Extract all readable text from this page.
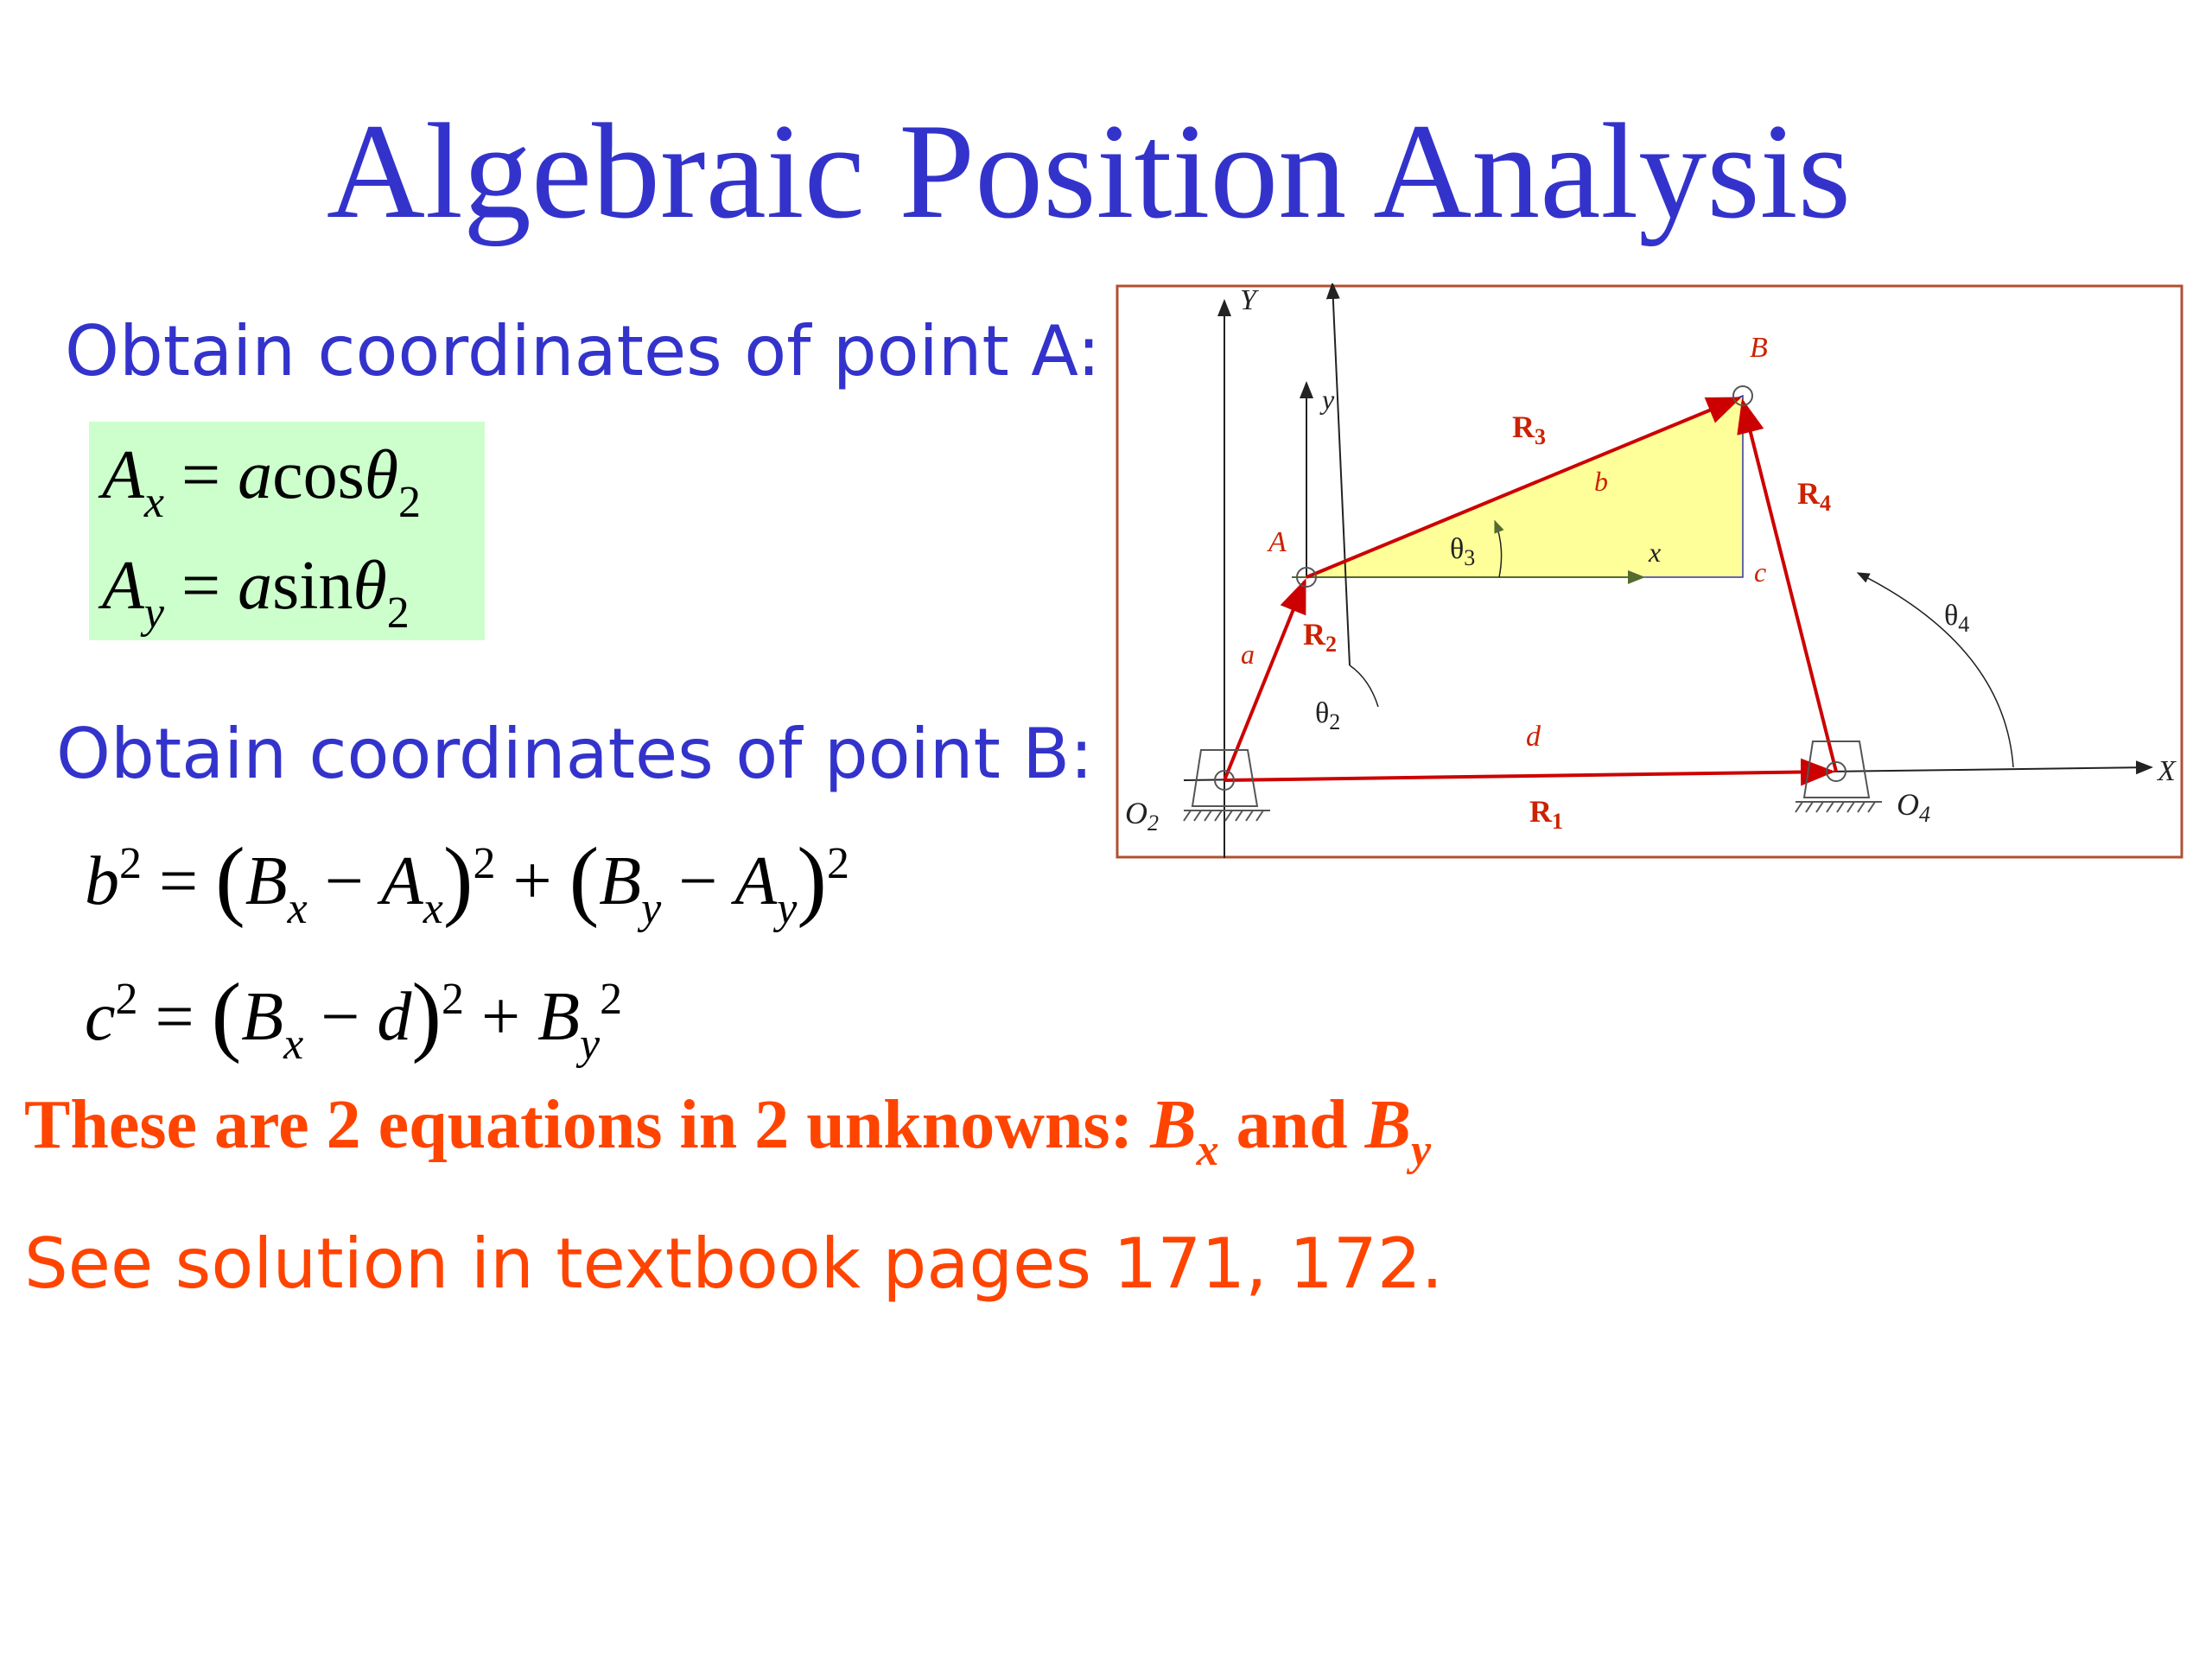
Algebraic Position Analysis
Obtain coordinates of point A:
$A_x = acos\theta_2$
$A_y = asin\theta_2$
Obtain coordinates of point B:
$b^2 = (B_x - A_x)^2 + (B_y - A_y)^2$
$c^2 = (B_x - d)^2 + B_y^2$

These are 2 equations in 2 unknowns: $B_x$ and $B_y$

See solution in textbook pages 171, 172.

Y
X
y
x
A
B
$O_2$
$O_4$
$R_1$
$R_2$
$R_3$
$R_4$
a
b
c
d
$\theta_2$
$\theta_3$
$\theta_4$
